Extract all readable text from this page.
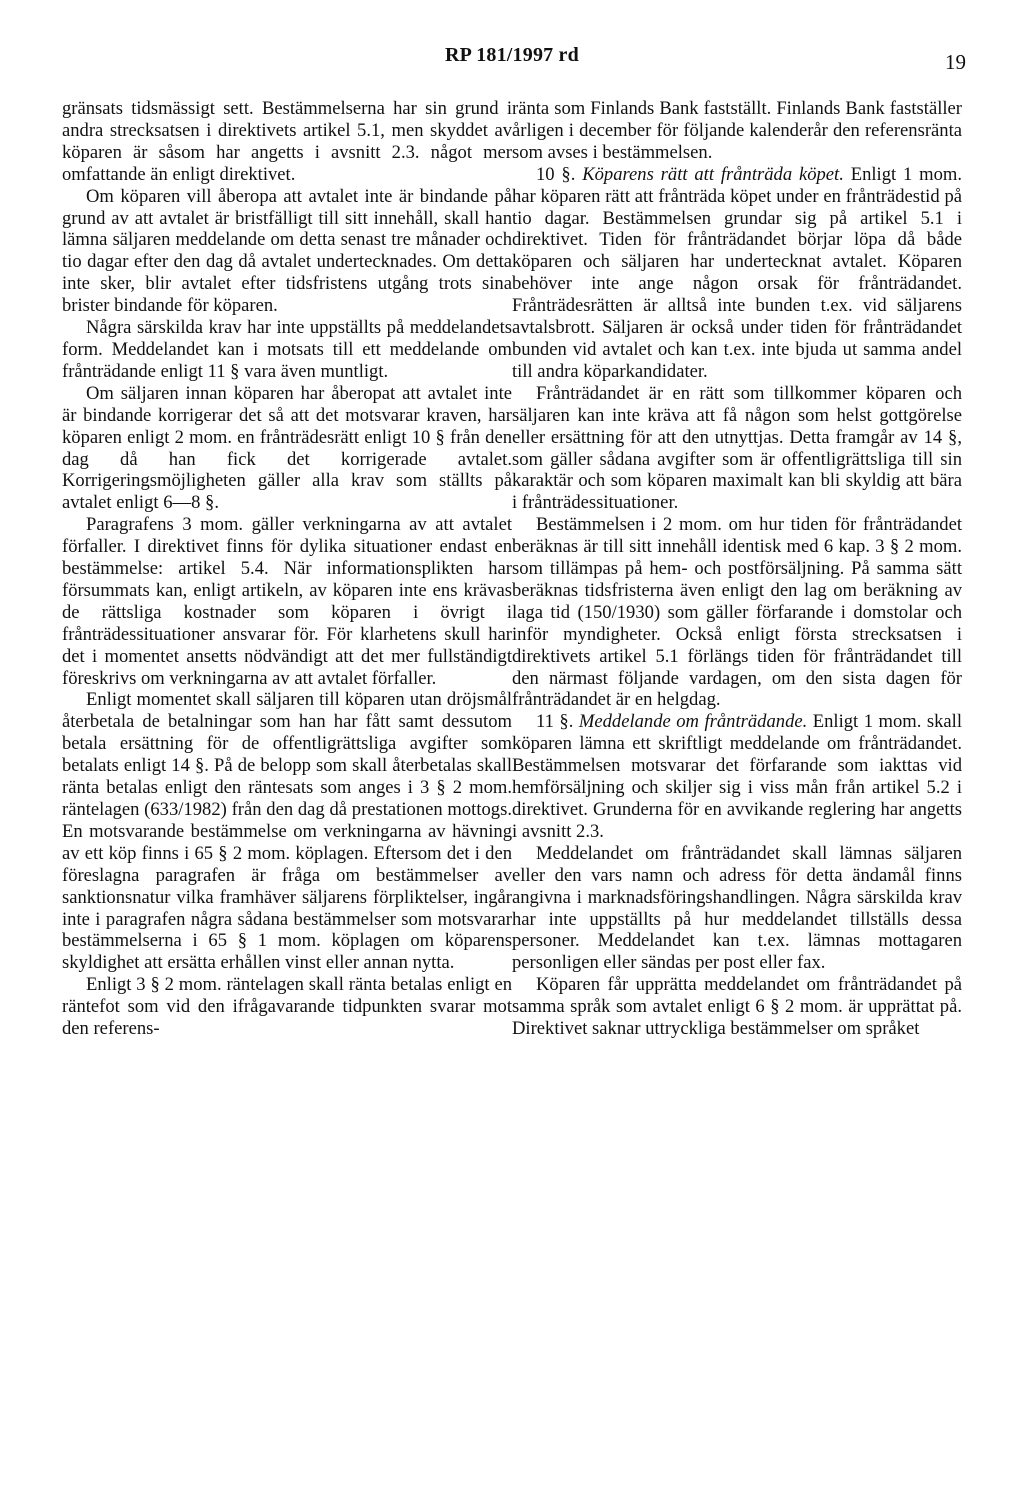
RP 181/1997 rd	19

gränsats tidsmässigt sett. Bestämmelserna har sin grund i andra strecksatsen i direktivets artikel 5.1, men skyddet av köparen är såsom har angetts i avsnitt 2.3. något mer omfattande än enligt direktivet.

Om köparen vill åberopa att avtalet inte är bindande på grund av att avtalet är bristfälligt till sitt innehåll, skall han lämna säljaren meddelande om detta senast tre månader och tio dagar efter den dag då avtalet undertecknades. Om detta inte sker, blir avtalet efter tidsfristens utgång trots sina brister bindande för köparen.

Några särskilda krav har inte uppställts på meddelandets form. Meddelandet kan i motsats till ett meddelande om frånträdande enligt 11 § vara även muntligt.

Om säljaren innan köparen har åberopat att avtalet inte är bindande korrigerar det så att det motsvarar kraven, har köparen enligt 2 mom. en frånträdesrätt enligt 10 § från den dag då han fick det korrigerade avtalet. Korrigeringsmöjligheten gäller alla krav som ställts på avtalet enligt 6—8 §.

Paragrafens 3 mom. gäller verkningarna av att avtalet förfaller. I direktivet finns för dylika situationer endast en bestämmelse: artikel 5.4. När informationsplikten har försummats kan, enligt artikeln, av köparen inte ens krävas de rättsliga kostnader som köparen i övrigt i frånträdessituationer ansvarar för. För klarhetens skull har det i momentet ansetts nödvändigt att det mer fullständigt föreskrivs om verkningarna av att avtalet förfaller.

Enligt momentet skall säljaren till köparen utan dröjsmål återbetala de betalningar som han har fått samt dessutom betala ersättning för de offentligrättsliga avgifter som betalats enligt 14 §. På de belopp som skall återbetalas skall ränta betalas enligt den räntesats som anges i 3 § 2 mom. räntelagen (633/1982) från den dag då prestationen mottogs. En motsvarande bestämmelse om verkningarna av hävning av ett köp finns i 65 § 2 mom. köplagen. Eftersom det i den föreslagna paragrafen är fråga om bestämmelser av sanktionsnatur vilka framhäver säljarens förpliktelser, ingår inte i paragrafen några sådana bestämmelser som motsvarar bestämmelserna i 65 § 1 mom. köplagen om köparens skyldighet att ersätta erhållen vinst eller annan nytta.

Enligt 3 § 2 mom. räntelagen skall ränta betalas enligt en räntefot som vid den ifrågavarande tidpunkten svarar mot den referens-

ränta som Finlands Bank fastställt. Finlands Bank fastställer årligen i december för följande kalenderår den referensränta som avses i bestämmelsen.

10 §. Köparens rätt att frånträda köpet. Enligt 1 mom. har köparen rätt att frånträda köpet under en frånträdestid på tio dagar. Bestämmelsen grundar sig på artikel 5.1 i direktivet. Tiden för frånträdandet börjar löpa då både köparen och säljaren har undertecknat avtalet. Köparen behöver inte ange någon orsak för frånträdandet. Frånträdesrätten är alltså inte bunden t.ex. vid säljarens avtalsbrott. Säljaren är också under tiden för frånträdandet bunden vid avtalet och kan t.ex. inte bjuda ut samma andel till andra köparkandidater.

Frånträdandet är en rätt som tillkommer köparen och säljaren kan inte kräva att få någon som helst gottgörelse eller ersättning för att den utnyttjas. Detta framgår av 14 §, som gäller sådana avgifter som är offentligrättsliga till sin karaktär och som köparen maximalt kan bli skyldig att bära i frånträdessituationer.

Bestämmelsen i 2 mom. om hur tiden för frånträdandet beräknas är till sitt innehåll identisk med 6 kap. 3 § 2 mom. som tillämpas på hem- och postförsäljning. På samma sätt beräknas tidsfristerna även enligt den lag om beräkning av laga tid (150/1930) som gäller förfarande i domstolar och inför myndigheter. Också enligt första strecksatsen i direktivets artikel 5.1 förlängs tiden för frånträdandet till den närmast följande vardagen, om den sista dagen för frånträdandet är en helgdag.

11 §. Meddelande om frånträdande. Enligt 1 mom. skall köparen lämna ett skriftligt meddelande om frånträdandet. Bestämmelsen motsvarar det förfarande som iakttas vid hemförsäljning och skiljer sig i viss mån från artikel 5.2 i direktivet. Grunderna för en avvikande reglering har angetts i avsnitt 2.3.

Meddelandet om frånträdandet skall lämnas säljaren eller den vars namn och adress för detta ändamål finns angivna i marknadsföringshandlingen. Några särskilda krav har inte uppställts på hur meddelandet tillställs dessa personer. Meddelandet kan t.ex. lämnas mottagaren personligen eller sändas per post eller fax.

Köparen får upprätta meddelandet om frånträdandet på samma språk som avtalet enligt 6 § 2 mom. är upprättat på. Direktivet saknar uttryckliga bestämmelser om språket
